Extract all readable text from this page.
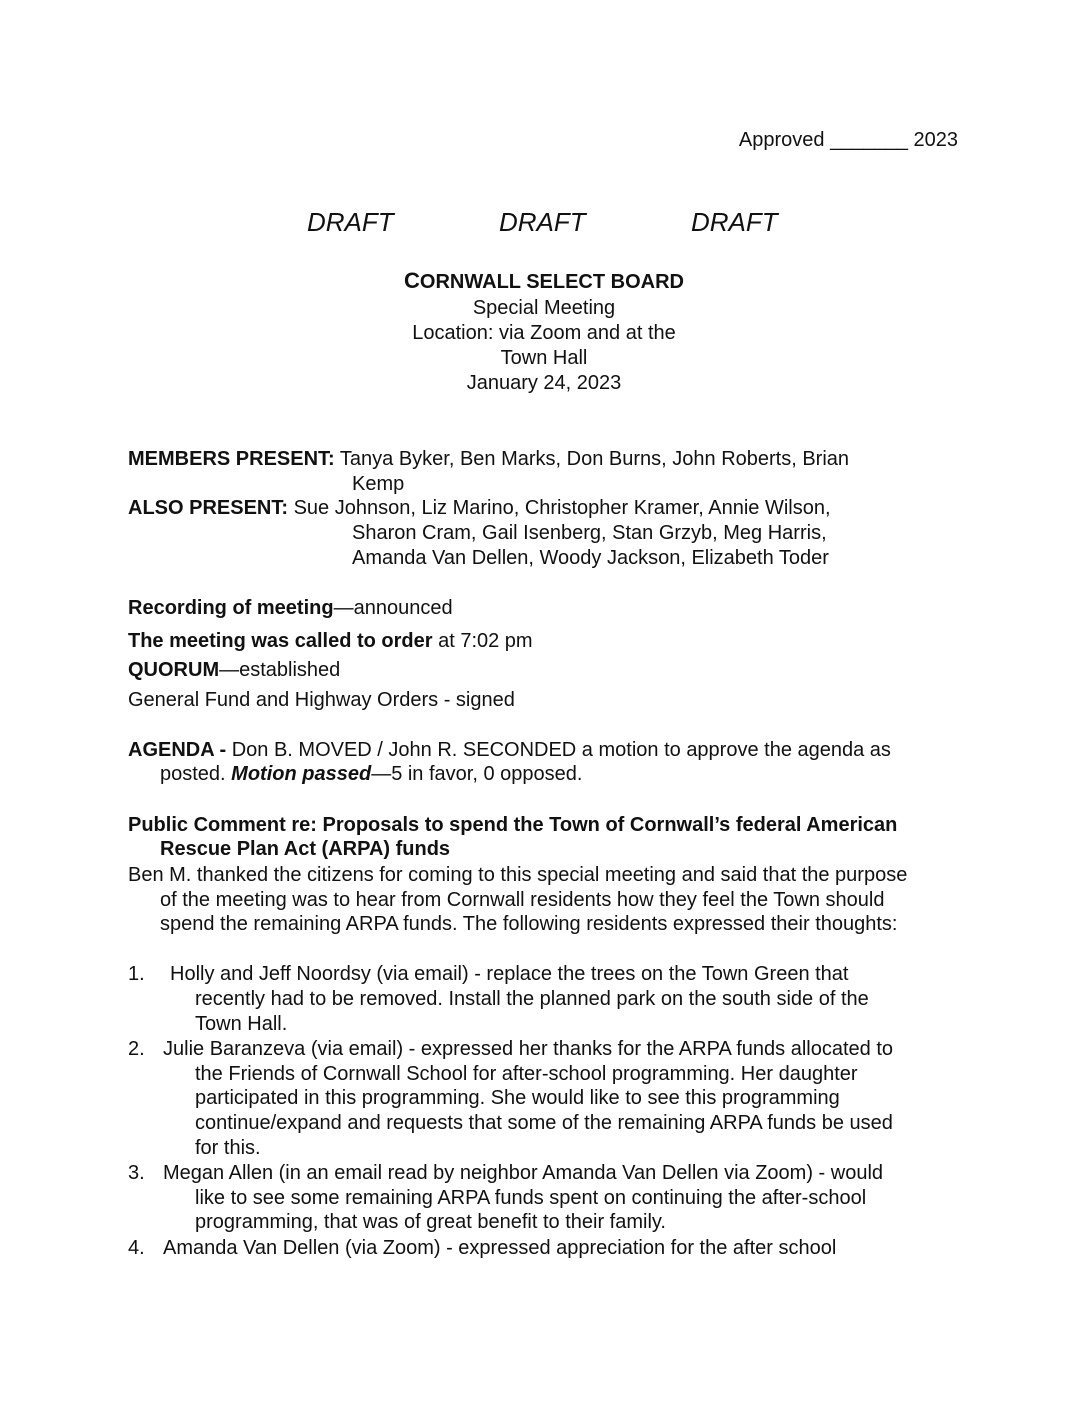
Approved _______ 2023
DRAFT	DRAFT	DRAFT
CORNWALL SELECT BOARD
Special Meeting
Location: via Zoom and at the
Town Hall
January 24, 2023
MEMBERS PRESENT: Tanya Byker, Ben Marks, Don Burns, John Roberts, Brian
Kemp
ALSO PRESENT: Sue Johnson, Liz Marino, Christopher Kramer, Annie Wilson,
Sharon Cram, Gail Isenberg, Stan Grzyb, Meg Harris,
Amanda Van Dellen, Woody Jackson, Elizabeth Toder
Recording of meeting—announced
The meeting was called to order at 7:02 pm
QUORUM—established
General Fund and Highway Orders - signed
AGENDA - Don B. MOVED / John R. SECONDED a motion to approve the agenda as
posted. Motion passed—5 in favor, 0 opposed.
Public Comment re: Proposals to spend the Town of Cornwall’s federal American
Rescue Plan Act (ARPA) funds
Ben M. thanked the citizens for coming to this special meeting and said that the purpose
of the meeting was to hear from Cornwall residents how they feel the Town should
spend the remaining ARPA funds. The following residents expressed their thoughts:
1. Holly and Jeff Noordsy (via email) - replace the trees on the Town Green that
recently had to be removed. Install the planned park on the south side of the
Town Hall.
2. Julie Baranzeva (via email) - expressed her thanks for the ARPA funds allocated to
the Friends of Cornwall School for after-school programming. Her daughter
participated in this programming. She would like to see this programming
continue/expand and requests that some of the remaining ARPA funds be used
for this.
3. Megan Allen (in an email read by neighbor Amanda Van Dellen via Zoom) - would
like to see some remaining ARPA funds spent on continuing the after-school
programming, that was of great benefit to their family.
4. Amanda Van Dellen (via Zoom) - expressed appreciation for the after school
